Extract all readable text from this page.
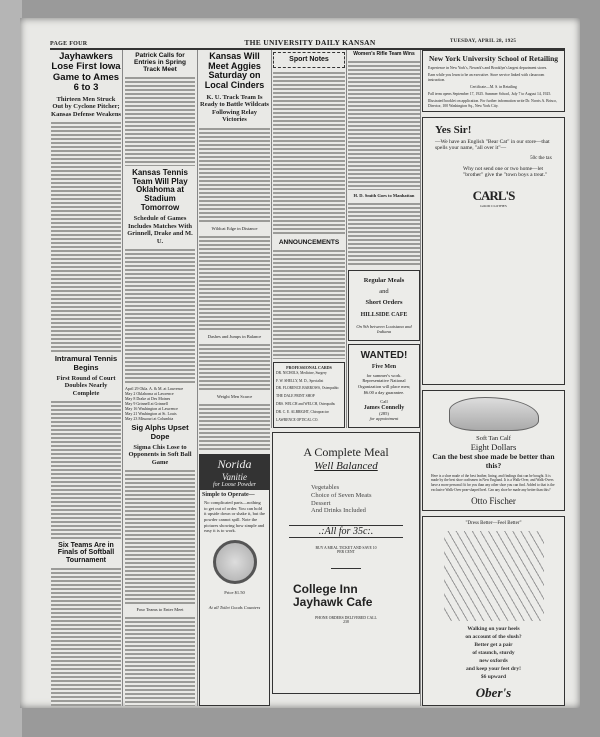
PAGE FOUR	THE UNIVERSITY DAILY KANSAN	TUESDAY, APRIL 28, 1925
Jayhawkers Lose First Iowa Game to Ames 6 to 3
Thirteen Men Struck Out by Cyclone Pitcher; Kansas Defense Weakens
Intramural Tennis Begins
First Round of Court Doubles Nearly Complete
Six Teams Are in Finals of Softball Tournament
Patrick Calls for Entries in Spring Track Meet
Kansas Tennis Team Will Play Oklahoma at Stadium Tomorrow
Schedule of Games Includes Matches With Grinnell, Drake and M. U.
April 29 Okla. A. & M. at Lawrence
May 2 Oklahoma at Lawrence
May 8 Drake at Des Moines
May 9 Grinnell at Grinnell
May 16 Washington at Lawrence
May 21 Washington at St. Louis
May 23 Missouri at Columbia
Sig Alphs Upset Dope
Sigma Chis Lose to Opponents in Soft Ball Game
Four Teams to Enter Meet
Kansas Will Meet Aggies Saturday on Local Cinders
K. U. Track Team Is Ready to Battle Wildcats Following Relay Victories
Wildcat Edge in Distance
Dashes and Jumps in Balance
Weight Men Scarce
Norida
Vanitie
for Loose Powder
Simple to Operate—
No complicated parts—nothing to get out of order. You can hold it upside down or shake it, but the powder cannot spill. Note the pictures showing how simple and easy it is to work.
Price $1.50
At all Toilet Goods Counters
Sport Notes
ANNOUNCEMENTS
PROFESSIONAL CARDS
DR. NICHOLS, Medicine, Surgery
F. W. SHELLY, M. D., Specialist
DR. FLORENCE BARROWS, Osteopathic
THE DALE PRINT SHOP
DRS. WELCH and WELCH, Osteopaths
DR. C. E. ALBRIGHT, Chiropractor
LAWRENCE OPTICAL CO.
Women's Rifle Team Wins
H. D. Smith Goes to Manhattan
Regular Meals
and
Short Orders
HILLSIDE CAFE
On 9th between Louisiana and Indiana
WANTED!
Five Men
for summer's work. Representative National Organization will place men; $6.00 a day guarantee.
Call
James Connelly
(285)
for appointment
A Complete Meal
Well Balanced
Vegetables
Choice of Seven Meats
Dessert
And Drinks Included
.:All for 35c:.
BUY A MEAL TICKET AND SAVE 10 PER CENT
College Inn
Jayhawk Cafe
PHONE ORDERS DELIVERED CALL 238
New York University School of Retailing
Experience in New York's, Newark's and Brooklyn's largest department stores.
Earn while you learn to be an executive. Store service linked with classroom instruction.
Certificate—M. S. in Retailing
Fall term opens September 17, 1925. Summer School, July 7 to August 14, 1925.
Illustrated booklet on application. For further information write Dr. Norris A. Brisco, Director, 100 Washington Sq., New York City.
Yes Sir!
—We have an English "Bear Cat" in our store—that spells your name, "all over it"—
50c the tax
Why not send one or two home—let "brother" give the "town boys a treat."
CARL'S
GOOD CLOTHES
Soft Tan Calf
Eight Dollars
Can the best shoe made be better than this?
Here is a shoe made of the best leather, lining, and findings that can be bought. It is made by the best shoe craftsmen in New England. It is a Walk-Over, and Walk-Overs have a more personal fit for you than any other shoe you can find. Added to that is the exclusive Walk-Over pear-shaped heel. Can any shoe be made any better than this?
Otto Fischer
"Dress Better—Feel Better"
Walking on your heels
on account of the slush?
Better get a pair
of staunch, sturdy
new oxfords
and keep your feet dry!
$6 upward
Ober's
